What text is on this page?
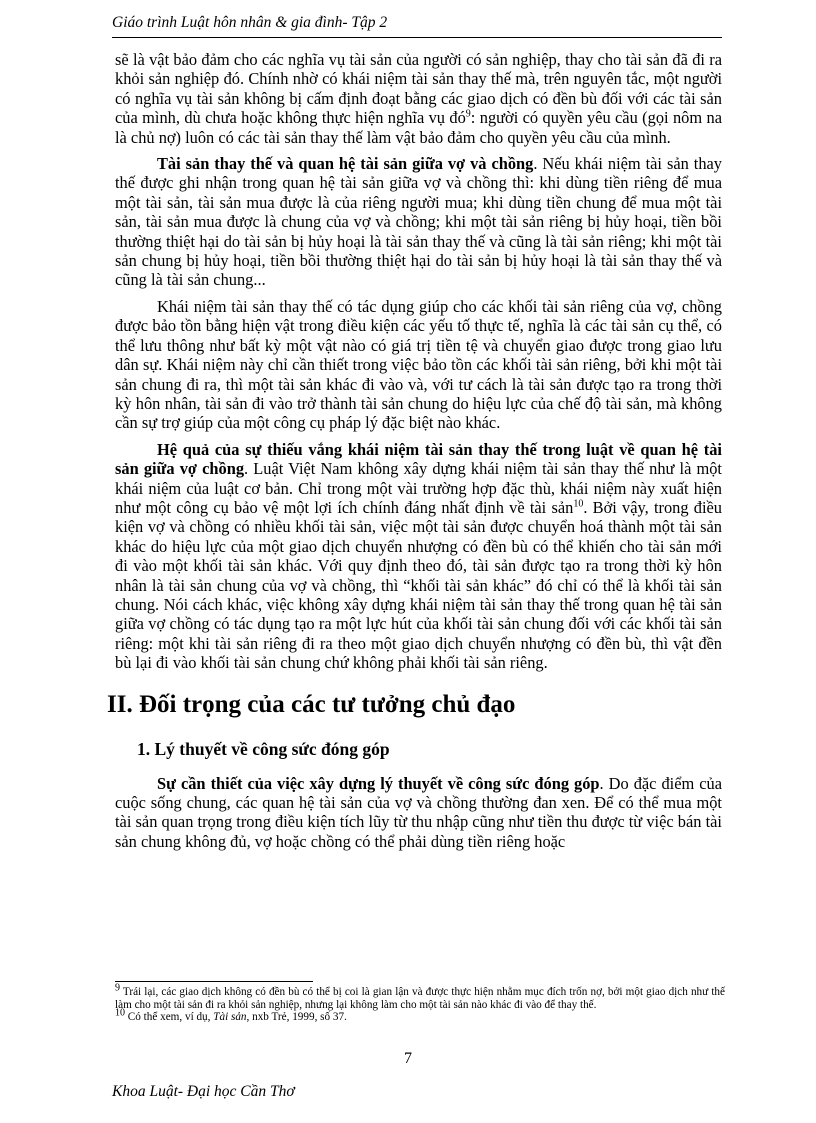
Giáo trình Luật hôn nhân & gia đình- Tập 2

sẽ là vật bảo đảm cho các nghĩa vụ tài sản của người có sản nghiệp, thay cho tài sản đã đi ra khỏi sản nghiệp đó. Chính nhờ có khái niệm tài sản thay thế mà, trên nguyên tắc, một người có nghĩa vụ tài sản không bị cấm định đoạt bằng các giao dịch có đền bù đối với các tài sản của mình, dù chưa hoặc không thực hiện nghĩa vụ $đó^9$: người có quyền yêu cầu (gọi nôm na là chủ nợ) luôn có các tài sản thay thế làm vật bảo đảm cho quyền yêu cầu của mình.

Tài sản thay thế và quan hệ tài sản giữa vợ và chồng. Nếu khái niệm tài sản thay thế được ghi nhận trong quan hệ tài sản giữa vợ và chồng thì: khi dùng tiền riêng để mua một tài sản, tài sản mua được là của riêng người mua; khi dùng tiền chung để mua một tài sản, tài sản mua được là chung của vợ và chồng; khi một tài sản riêng bị hủy hoại, tiền bồi thường thiệt hại do tài sản bị hủy hoại là tài sản thay thế và cũng là tài sản riêng; khi một tài sản chung bị hủy hoại, tiền bồi thường thiệt hại do tài sản bị hủy hoại là tài sản thay thế và cũng là tài sản chung...

Khái niệm tài sản thay thế có tác dụng giúp cho các khối tài sản riêng của vợ, chồng được bảo tồn bằng hiện vật trong điều kiện các yếu tố thực tế, nghĩa là các tài sản cụ thể, có thể lưu thông như bất kỳ một vật nào có giá trị tiền tệ và chuyển giao được trong giao lưu dân sự. Khái niệm này chỉ cần thiết trong việc bảo tồn các khối tài sản riêng, bởi khi một tài sản chung đi ra, thì một tài sản khác đi vào và, với tư cách là tài sản được tạo ra trong thời kỳ hôn nhân, tài sản đi vào trở thành tài sản chung do hiệu lực của chế độ tài sản, mà không cần sự trợ giúp của một công cụ pháp lý đặc biệt nào khác.

Hệ quả của sự thiếu vắng khái niệm tài sản thay thế trong luật về quan hệ tài sản giữa vợ chồng. Luật Việt Nam không xây dựng khái niệm tài sản thay thế như là một khái niệm của luật cơ bản. Chỉ trong một vài trường hợp đặc thù, khái niệm này xuất hiện như một công cụ bảo vệ một lợi ích chính đáng nhất định về tài sản$^{10}$. Bởi vậy, trong điều kiện vợ và chồng có nhiều khối tài sản, việc một tài sản được chuyển hoá thành một tài sản khác do hiệu lực của một giao dịch chuyển nhượng có đền bù có thể khiến cho tài sản mới đi vào một khối tài sản khác. Với quy định theo đó, tài sản được tạo ra trong thời kỳ hôn nhân là tài sản chung của vợ và chồng, thì “khối tài sản khác” đó chỉ có thể là khối tài sản chung. Nói cách khác, việc không xây dựng khái niệm tài sản thay thế trong quan hệ tài sản giữa vợ chồng có tác dụng tạo ra một lực hút của khối tài sản chung đối với các khối tài sản riêng: một khi tài sản riêng đi ra theo một giao dịch chuyển nhượng có đền bù, thì vật đền bù lại đi vào khối tài sản chung chứ không phải khối tài sản riêng.

II. Đối trọng của các tư tưởng chủ đạo
1. Lý thuyết về công sức đóng góp

Sự cần thiết của việc xây dựng lý thuyết về công sức đóng góp. Do đặc điểm của cuộc sống chung, các quan hệ tài sản của vợ và chồng thường đan xen. Để có thể mua một tài sản quan trọng trong điều kiện tích lũy từ thu nhập cũng như tiền thu được từ việc bán tài sản chung không đủ, vợ hoặc chồng có thể phải dùng tiền riêng hoặc

$^9$ Trái lại, các giao dịch không có đền bù có thể bị coi là gian lận và được thực hiện nhằm mục đích trốn nợ, bởi một giao dịch như thế làm cho một tài sản đi ra khỏi sản nghiệp, nhưng lại không làm cho một tài sản nào khác đi vào để thay thế.

$^{10}$ Có thể xem, ví dụ, Tài sản, nxb Trẻ, 1999, số 37.

7
Khoa Luật- Đại học Cần Thơ
